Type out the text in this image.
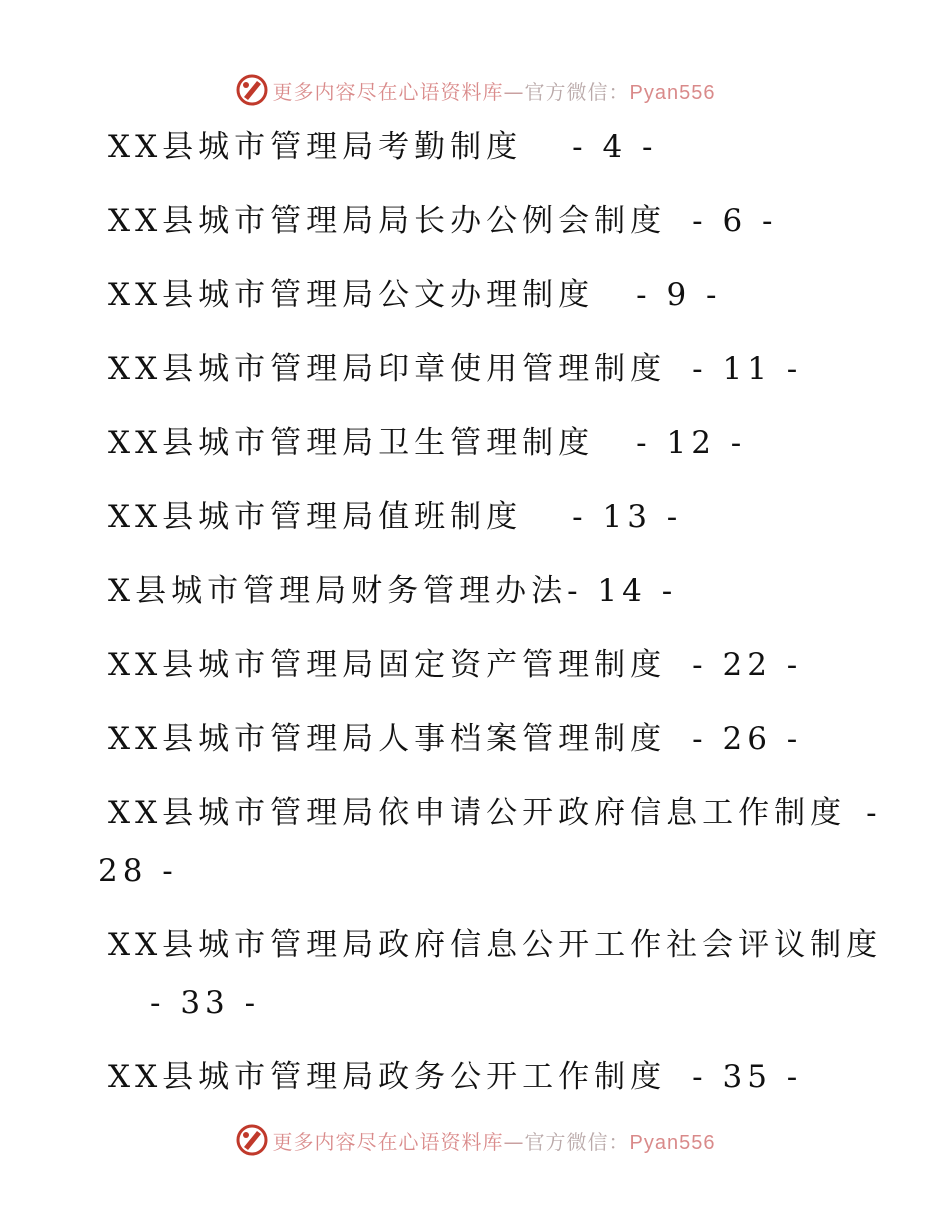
更多内容尽在心语资料库—官方微信：Pyan556
XX县城市管理局考勤制度 - 4 -
XX县城市管理局局长办公例会制度 - 6 -
XX县城市管理局公文办理制度 - 9 -
XX县城市管理局印章使用管理制度 - 11 -
XX县城市管理局卫生管理制度 - 12 -
XX县城市管理局值班制度 - 13 -
X县城市管理局财务管理办法- 14 -
XX县城市管理局固定资产管理制度 - 22 -
XX县城市管理局人事档案管理制度 - 26 -
XX县城市管理局依申请公开政府信息工作制度 -
28 -
XX县城市管理局政府信息公开工作社会评议制度
- 33 -
XX县城市管理局政务公开工作制度 - 35 -
更多内容尽在心语资料库—官方微信：Pyan556
